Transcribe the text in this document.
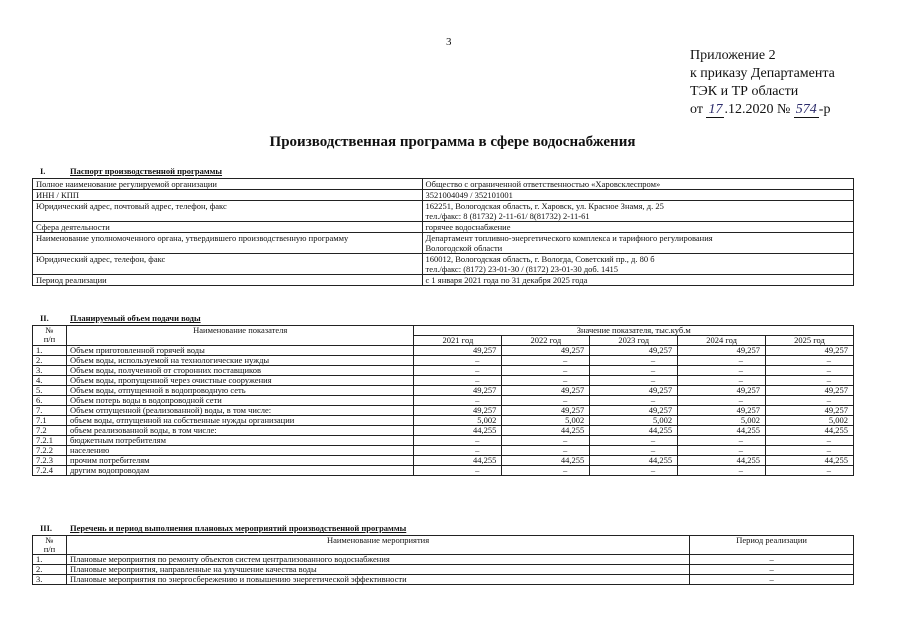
3
Приложение 2
к приказу Департамента
ТЭК и ТР области
от 17 .12.2020 № 574 -р
Производственная программа в сфере водоснабжения
I.	Паспорт производственной программы
Полное наименование регулируемой организации	Общество с ограниченной ответственностью «Харовсклеспром»

ИНН / КПП	3521004049 / 352101001

Юридический адрес, почтовый адрес, телефон, факс	162251, Вологодская область, г. Харовск, ул. Красное Знамя, д. 25
тел./факс: 8 (81732) 2-11-61/ 8(81732) 2-11-61

Сфера деятельности	горячее водоснабжение

Наименование уполномоченного органа, утвердившего производственную программу	Департамент топливно-энергетического комплекса и тарифного регулирования
Вологодской области

Юридический адрес, телефон, факс	160012, Вологодская область, г. Вологда, Советский пр., д. 80 б
тел./факс: (8172) 23-01-30 / (8172) 23-01-30 доб. 1415

Период реализации	с 1 января 2021 года по 31 декабря 2025 года
II.	Планируемый объем подачи воды
№
п/п	Наименование показателя	Значение показателя, тыс.куб.м				
		2021 год	2022 год	2023 год	2024 год	2025 год
1.	Объем приготовленной горячей воды	49,257	49,257	49,257	49,257	49,257
2.	Объем воды, используемой на технологические нужды	–	–	–	–	–
3.	Объем воды, полученной от сторонних поставщиков	–	–	–	–	–
4.	Объем воды, пропущенной через очистные сооружения	–	–	–	–	–
5.	Объем воды, отпущенной в водопроводную сеть	49,257	49,257	49,257	49,257	49,257
6.	Объем потерь воды в водопроводной сети	–	–	–	–	–
7.	Объем отпущенной (реализованной) воды, в том числе:	49,257	49,257	49,257	49,257	49,257
7.1	объем воды, отпущенной на собственные нужды организации	5,002	5,002	5,002	5,002	5,002
7.2	объем реализованной воды, в том числе:	44,255	44,255	44,255	44,255	44,255
7.2.1	бюджетным потребителям	–	–	–	–	–
7.2.2	населению	–	–	–	–	–
7.2.3	прочим потребителям	44,255	44,255	44,255	44,255	44,255
7.2.4	другим водопроводам	–	–	–	–	–
III. Перечень и период выполнения плановых мероприятий производственной программы
№
п/п	Наименование мероприятия	Период реализации
1.	Плановые мероприятия по ремонту объектов систем централизованного водоснабжения	–
2.	Плановые мероприятия, направленные на улучшение качества воды	–
3.	Плановые мероприятия по энергосбережению и повышению энергетической эффективности	–
